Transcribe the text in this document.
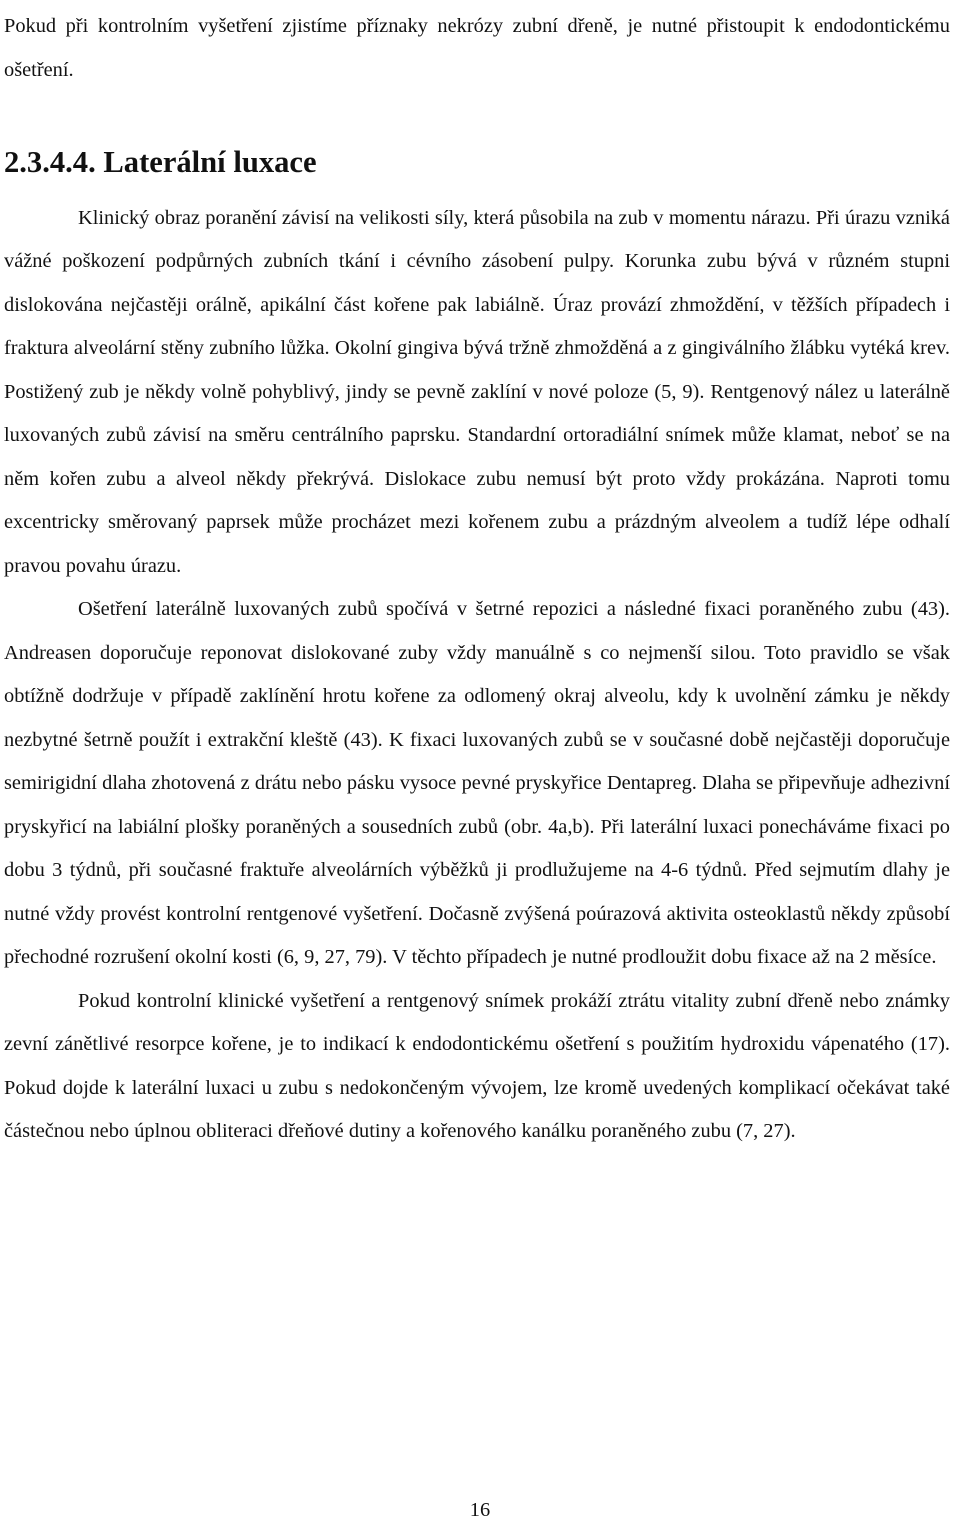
Pokud při kontrolním vyšetření zjistíme příznaky nekrózy zubní dřeně, je nutné přistoupit k endodontickému ošetření.

2.3.4.4. Laterální luxace

Klinický obraz poranění závisí na velikosti síly, která působila na zub v momentu nárazu. Při úrazu vzniká vážné poškození podpůrných zubních tkání i cévního zásobení pulpy. Korunka zubu bývá v různém stupni dislokována nejčastěji orálně, apikální část kořene pak labiálně. Úraz provází zhmoždění, v těžších případech i fraktura alveolární stěny zubního lůžka. Okolní gingiva bývá tržně zhmožděná a z gingiválního žlábku vytéká krev. Postižený zub je někdy volně pohyblivý, jindy se pevně zaklíní v nové poloze (5, 9). Rentgenový nález u laterálně luxovaných zubů závisí na směru centrálního paprsku. Standardní ortoradiální snímek může klamat, neboť se na něm kořen zubu a alveol někdy překrývá. Dislokace zubu nemusí být proto vždy prokázána. Naproti tomu excentricky směrovaný paprsek může procházet mezi kořenem zubu a prázdným alveolem a tudíž lépe odhalí pravou povahu úrazu.

Ošetření laterálně luxovaných zubů spočívá v šetrné repozici a následné fixaci poraněného zubu (43). Andreasen doporučuje reponovat dislokované zuby vždy manuálně s co nejmenší silou. Toto pravidlo se však obtížně dodržuje v případě zaklínění hrotu kořene za odlomený okraj alveolu, kdy k uvolnění zámku je někdy nezbytné šetrně použít i extrakční kleště (43). K fixaci luxovaných zubů se v současné době nejčastěji doporučuje semirigidní dlaha zhotovená z drátu nebo pásku vysoce pevné pryskyřice Dentapreg. Dlaha se připevňuje adhezivní pryskyřicí na labiální plošky poraněných a sousedních zubů (obr. 4a,b). Při laterální luxaci ponecháváme fixaci po dobu 3 týdnů, při současné fraktuře alveolárních výběžků ji prodlužujeme na 4-6 týdnů. Před sejmutím dlahy je nutné vždy provést kontrolní rentgenové vyšetření. Dočasně zvýšená poúrazová aktivita osteoklastů někdy způsobí přechodné rozrušení okolní kosti (6, 9, 27, 79). V těchto případech je nutné prodloužit dobu fixace až na 2 měsíce.

Pokud kontrolní klinické vyšetření a rentgenový snímek prokáží ztrátu vitality zubní dřeně nebo známky zevní zánětlivé resorpce kořene, je to indikací k endodontickému ošetření s použitím hydroxidu vápenatého (17). Pokud dojde k laterální luxaci u zubu s nedokončeným vývojem, lze kromě uvedených komplikací očekávat také částečnou nebo úplnou obliteraci dřeňové dutiny a kořenového kanálku poraněného zubu (7, 27).

16
